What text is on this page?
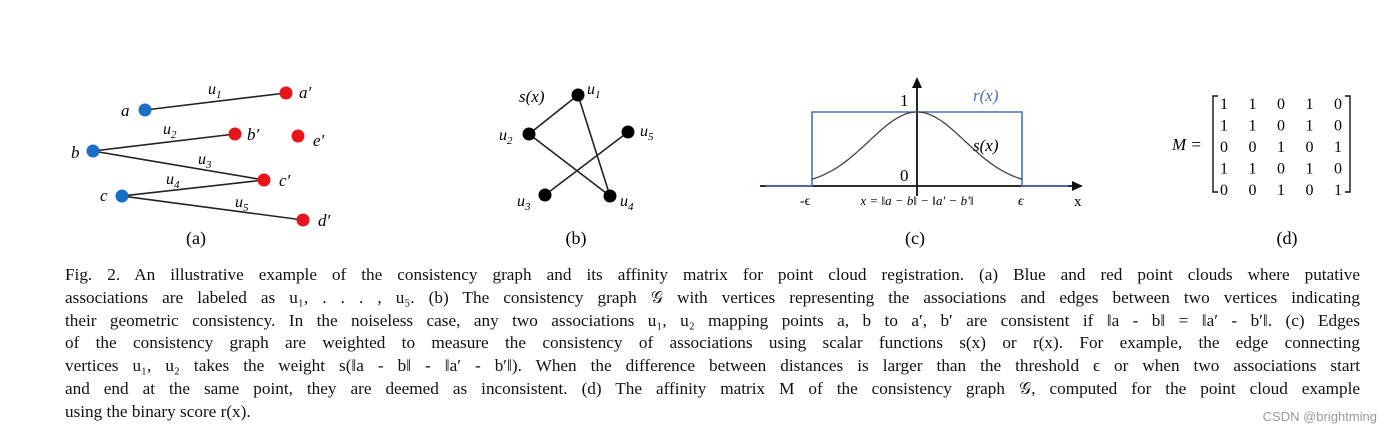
a
b
c
a′
b′	e′
c′
d′
$u_1$
$u_2$
$u_3$
$u_4$
$u_5$
(a)
s(x)	$u_1$
$u_2$
$u_3$	$u_4$
$u_5$
(b)
1
0
r(x)
s(x)
-ϵ	ϵ
x = ‖a − b‖ − ‖a′ − b′‖	x
(c)
M =
1 1 0 1 0
1 1 0 1 0
0 0 1 0 1
1 1 0 1 0
0 0 1 0 1
(d)
Fig. 2. An illustrative example of the consistency graph and its affinity matrix for point cloud registration. (a) Blue and red point clouds where putative
associations are labeled as u₁, . . . , u₅. (b) The consistency graph 𝒢 with vertices representing the associations and edges between two vertices indicating
their geometric consistency. In the noiseless case, any two associations u₁, u₂ mapping points a, b to a′, b′ are consistent if ‖a - b‖ = ‖a′ - b′‖. (c) Edges
of the consistency graph are weighted to measure the consistency of associations using scalar functions s(x) or r(x). For example, the edge connecting
vertices u₁, u₂ takes the weight s(‖a - b‖ - ‖a′ - b′‖). When the difference between distances is larger than the threshold ϵ or when two associations start
and end at the same point, they are deemed as inconsistent. (d) The affinity matrix M of the consistency graph 𝒢, computed for the point cloud example
using the binary score r(x).	CSDN @brightming
